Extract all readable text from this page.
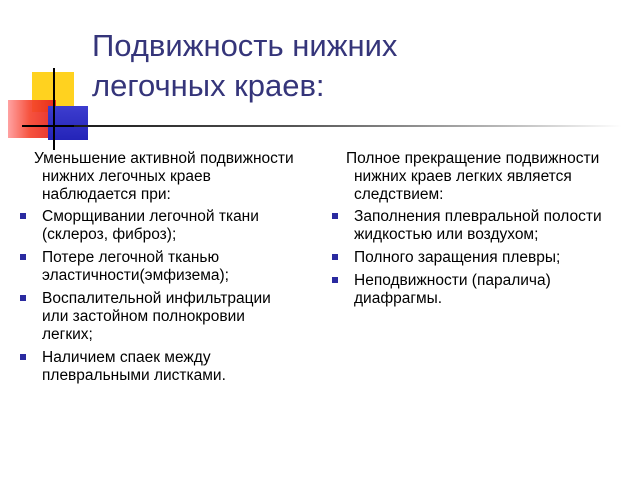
Подвижность нижних
легочных краев:

Уменьшение активной подвижности нижних легочных краев наблюдается при:

Сморщивании легочной ткани (склероз, фиброз);
Потере легочной тканью эластичности(эмфизема);
Воспалительной инфильтрации или застойном полнокровии легких;
Наличием спаек между плевральными листками.

Полное прекращение подвижности нижних краев легких является следствием:

Заполнения плевральной полости жидкостью или воздухом;
Полного заращения плевры;
Неподвижности (паралича) диафрагмы.
